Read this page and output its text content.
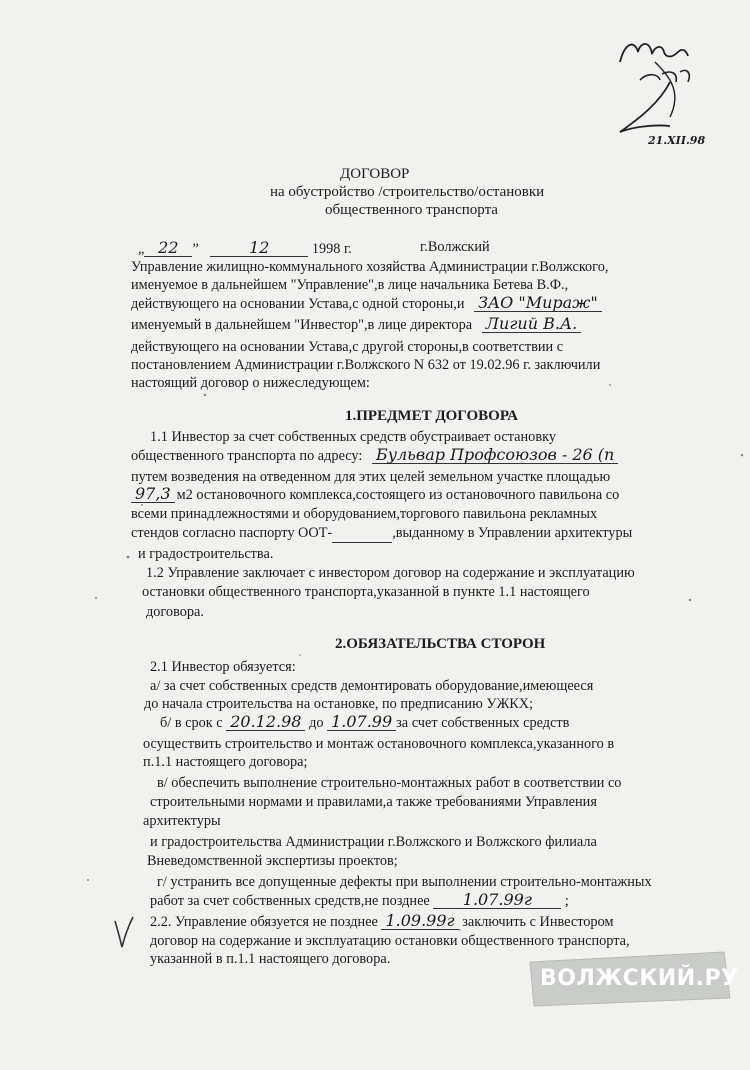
21.XII.98
ДОГОВОР
на обустройство /строительство/остановки
общественного транспорта
„ 22 ”	12	1998 г.	г.Волжский
Управление жилищно-коммунального хозяйства Администрации г.Волжского,
именуемое в дальнейшем "Управление",в лице начальника Бетева В.Ф.,
действующего на основании Устава,с одной стороны,и ЗАО "Мираж"
именуемый в дальнейшем "Инвестор",в лице директора Лигий В.А.
действующего на основании Устава,с другой стороны,в соответствии с
постановлением Администрации г.Волжского N 632 от 19.02.96 г. заключили
настоящий договор о нижеследующем:
1.ПРЕДМЕТ ДОГОВОРА
1.1 Инвестор за счет собственных средств обустраивает остановку
общественного транспорта по адресу: Бульвар Профсоюзов - 26 (п
путем возведения на отведенном для этих целей земельном участке площадью
97,3 м2 остановочного комплекса,состоящего из остановочного павильона со
всеми принадлежностями и оборудованием,торгового павильона рекламных
стендов согласно паспорту ООТ-	,выданному в Управлении архитектуры
и градостроительства.
1.2 Управление заключает с инвестором договор на содержание и эксплуатацию
остановки общественного транспорта,указанной в пункте 1.1 настоящего
договора.
2.ОБЯЗАТЕЛЬСТВА СТОРОН
2.1 Инвестор обязуется:
а/ за счет собственных средств демонтировать оборудование,имеющееся
до начала строительства на остановке, по предписанию УЖКХ;
б/ в срок с 20.12.98 до 1.07.99 за счет собственных средств
осуществить строительство и монтаж остановочного комплекса,указанного в
п.1.1 настоящего договора;
в/ обеспечить выполнение строительно-монтажных работ в соответствии со
строительными нормами и правилами,а также требованиями Управления
архитектуры
и градостроительства Администрации г.Волжского и Волжского филиала
Вневедомственной экспертизы проектов;
г/ устранить все допущенные дефекты при выполнении строительно-монтажных
работ за счет собственных средств,не позднее 1.07.99г ;
2.2. Управление обязуется не позднее 1.09.99г заключить с Инвестором
договор на содержание и эксплуатацию остановки общественного транспорта,
указанной в п.1.1 настоящего договора.
ВОЛЖСКИЙ.РУ
